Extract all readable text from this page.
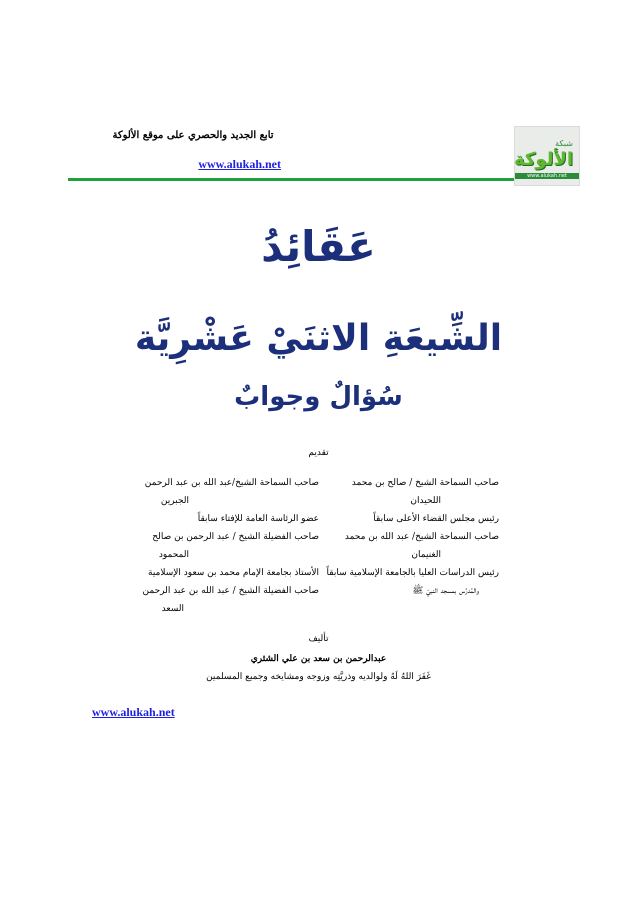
تابع الجديد والحصري على موقع الألوكة
www.alukah.net
شبكة
الألوكة
www.alukah.net
عَقَائِدُ
الشِّيعَةِ الاثنَيْ عَشْرِيَّة
سُؤالٌ وجوابٌ
تقديم
صاحب السماحة الشيخ / صالح بن محمد
اللحيدان
رئيس مجلس القضاء الأعلى سابقاً
صاحب السماحة الشيخ/ عبد الله بن محمد
الغنيمان
رئيس الدراسات العليا بالجامعة الإسلامية سابقاً
والمُدرِّس بمسجد النبيّ ﷺ
صاحب السماحة الشيخ/عبد الله بن عبد الرحمن
الجبرين
عضو الرئاسة العامة للإفتاء سابقاً
صاحب الفضيلة الشيخ / عبد الرحمن بن صالح
المحمود
الأستاذ بجامعة الإمام محمد بن سعود الإسلامية
صاحب الفضيلة الشيخ / عبد الله بن عبد الرحمن
السعد
تأليف
عبدالرحمن بن سعد بن علي الشثري
غَفَرَ اللهُ لَهُ ولوالديه وذريَّتِه وزوجه ومشايخه وجميع المسلمين
www.alukah.net
